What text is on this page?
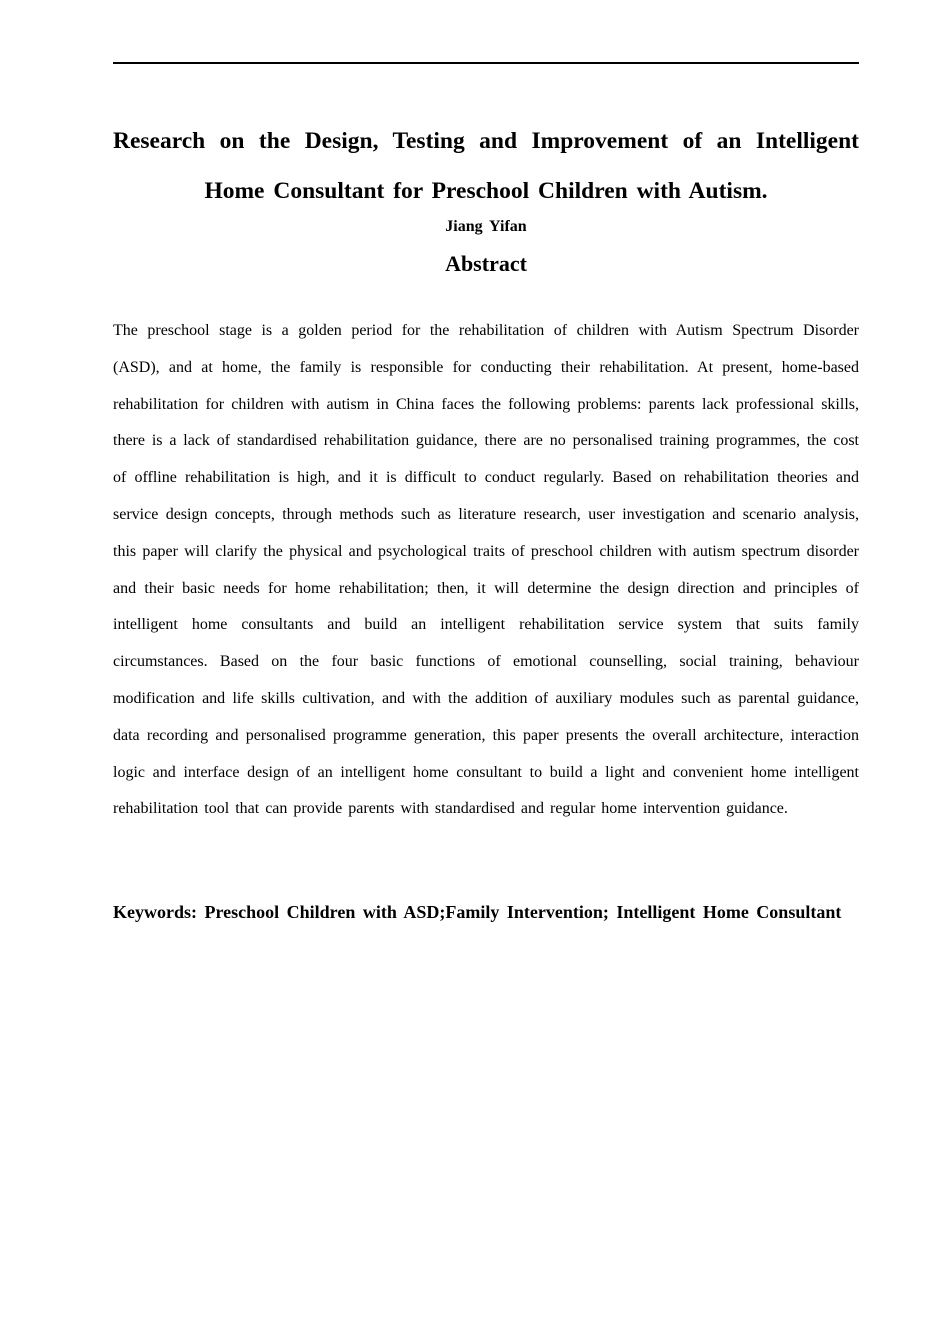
Research on the Design, Testing and Improvement of an Intelligent
Home Consultant for Preschool Children with Autism.
Jiang Yifan
Abstract

The preschool stage is a golden period for the rehabilitation of children with Autism Spectrum Disorder (ASD), and at home, the family is responsible for conducting their rehabilitation. At present, home-based rehabilitation for children with autism in China faces the following problems: parents lack professional skills, there is a lack of standardised rehabilitation guidance, there are no personalised training programmes, the cost of offline rehabilitation is high, and it is difficult to conduct regularly. Based on rehabilitation theories and service design concepts, through methods such as literature research, user investigation and scenario analysis, this paper will clarify the physical and psychological traits of preschool children with autism spectrum disorder and their basic needs for home rehabilitation; then, it will determine the design direction and principles of intelligent home consultants and build an intelligent rehabilitation service system that suits family circumstances. Based on the four basic functions of emotional counselling, social training, behaviour modification and life skills cultivation, and with the addition of auxiliary modules such as parental guidance, data recording and personalised programme generation, this paper presents the overall architecture, interaction logic and interface design of an intelligent home consultant to build a light and convenient home intelligent rehabilitation tool that can provide parents with standardised and regular home intervention guidance.

Keywords: Preschool Children with ASD;Family Intervention; Intelligent Home Consultant
